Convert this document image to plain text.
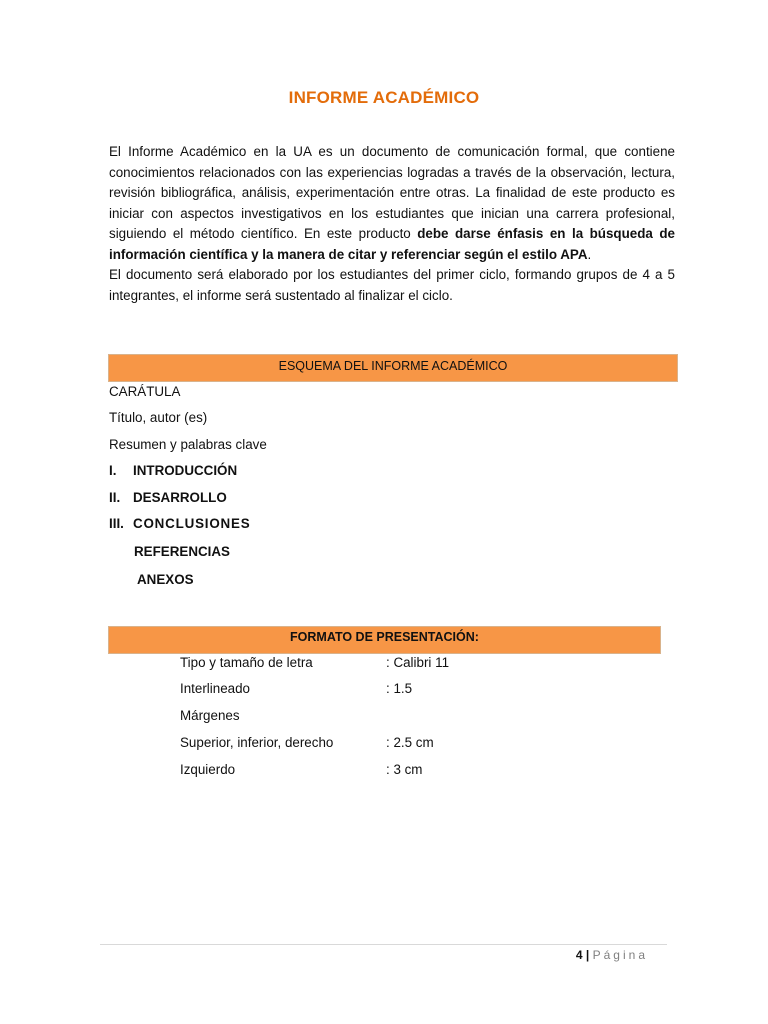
INFORME ACADÉMICO
El Informe Académico en la UA es un documento de comunicación formal, que contiene conocimientos relacionados con las experiencias logradas a través de la observación, lectura, revisión bibliográfica, análisis, experimentación entre otras. La finalidad de este producto es iniciar con aspectos investigativos en los estudiantes que inician una carrera profesional, siguiendo el método científico. En este producto debe darse énfasis en la búsqueda de información científica y la manera de citar y referenciar según el estilo APA.
El documento será elaborado por los estudiantes del primer ciclo, formando grupos de 4 a 5 integrantes, el informe será sustentado al finalizar el ciclo.
ESQUEMA DEL INFORME ACADÉMICO
CARÁTULA
Título, autor (es)
Resumen y palabras clave
I. INTRODUCCIÓN
II. DESARROLLO
III. CONCLUSIONES
REFERENCIAS
ANEXOS
FORMATO DE PRESENTACIÓN:
Tipo y tamaño de letra	: Calibri 11
Interlineado	: 1.5
Márgenes
Superior, inferior, derecho	: 2.5 cm
Izquierdo	: 3 cm
4 | Página
